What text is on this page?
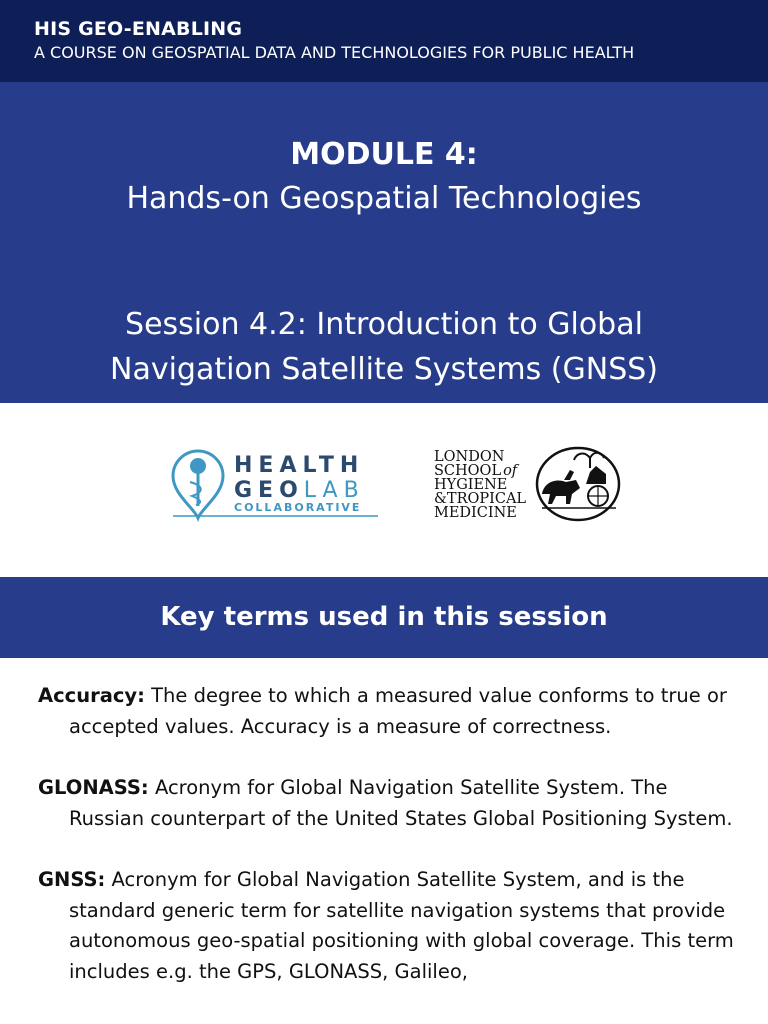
HIS GEO-ENABLING
A COURSE ON GEOSPATIAL DATA AND TECHNOLOGIES FOR PUBLIC HEALTH
MODULE 4:
Hands-on Geospatial Technologies
Session 4.2: Introduction to Global
Navigation Satellite Systems (GNSS)
HEALTH
GEOLAB
COLLABORATIVE
LONDON
SCHOOL of
HYGIENE
&TROPICAL
MEDICINE
Key terms used in this session

Accuracy: The degree to which a measured value conforms to true or accepted values. Accuracy is a measure of correctness.

GLONASS: Acronym for Global Navigation Satellite System. The Russian counterpart of the United States Global Positioning System.

GNSS: Acronym for Global Navigation Satellite System, and is the standard generic term for satellite navigation systems that provide autonomous geo-spatial positioning with global coverage. This term includes e.g. the GPS, GLONASS, Galileo,
